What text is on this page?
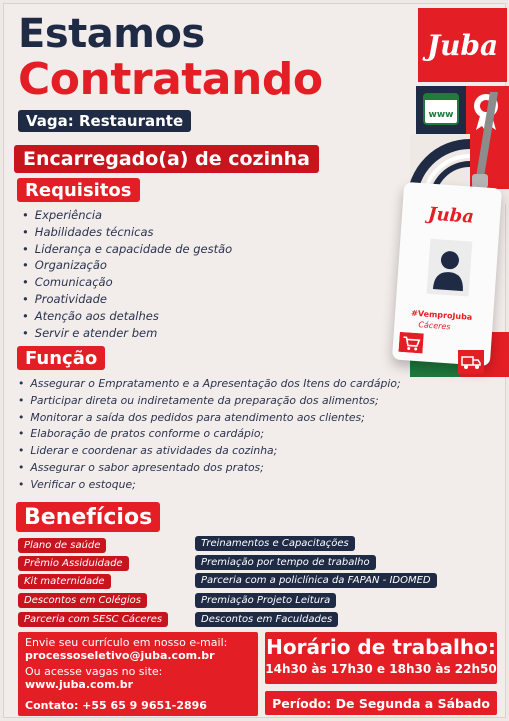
Estamos
Contratando
Vaga: Restaurante
Encarregado(a) de cozinha
Requisitos
• Experiência
• Habilidades técnicas
• Liderança e capacidade de gestão
• Organização
• Comunicação
• Proatividade
• Atenção aos detalhes
• Servir e atender bem
Função
• Assegurar o Empratamento e a Apresentação dos Itens do cardápio;
• Participar direta ou indiretamente da preparação dos alimentos;
• Monitorar a saída dos pedidos para atendimento aos clientes;
• Elaboração de pratos conforme o cardápio;
• Liderar e coordenar as atividades da cozinha;
• Assegurar o sabor apresentado dos pratos;
• Verificar o estoque;
Benefícios
Plano de saúde
Prêmio Assiduidade
Kit maternidade
Descontos em Colégios
Parceria com SESC Cáceres
Treinamentos e Capacitações
Premiação por tempo de trabalho
Parceria com a policlínica da FAPAN - IDOMED
Premiação Projeto Leitura
Descontos em Faculdades
Envie seu currículo em nosso e-mail:
processoseletivo@juba.com.br
Ou acesse vagas no site:
www.juba.com.br
Contato: +55 65 9 9651-2896
Horário de trabalho:
14h30 às 17h30 e 18h30 às 22h50
Período: De Segunda a Sábado
Juba
www
Juba
#VemproJuba
Cáceres
